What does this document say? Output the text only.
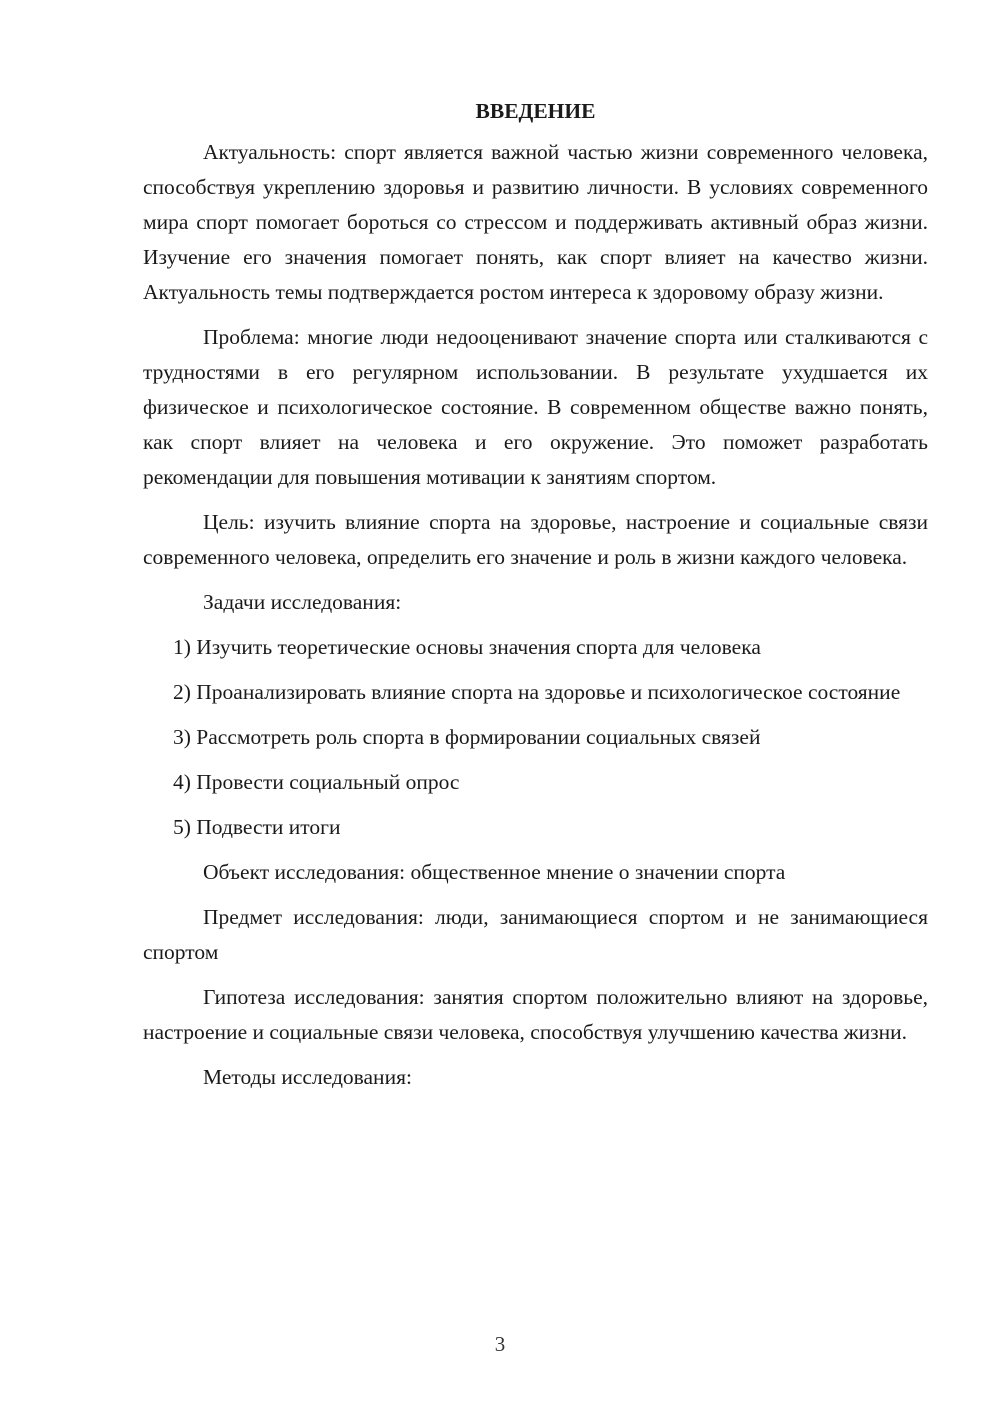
ВВЕДЕНИЕ

Актуальность: спорт является важной частью жизни современного человека, способствуя укреплению здоровья и развитию личности. В условиях современного мира спорт помогает бороться со стрессом и поддерживать активный образ жизни. Изучение его значения помогает понять, как спорт влияет на качество жизни. Актуальность темы подтверждается ростом интереса к здоровому образу жизни.

Проблема: многие люди недооценивают значение спорта или сталкиваются с трудностями в его регулярном использовании. В результате ухудшается их физическое и психологическое состояние. В современном обществе важно понять, как спорт влияет на человека и его окружение. Это поможет разработать рекомендации для повышения мотивации к занятиям спортом.

Цель: изучить влияние спорта на здоровье, настроение и социальные связи современного человека, определить его значение и роль в жизни каждого человека.

Задачи исследования:

1) Изучить теоретические основы значения спорта для человека

2) Проанализировать влияние спорта на здоровье и психологическое состояние

3) Рассмотреть роль спорта в формировании социальных связей

4) Провести социальный опрос

5) Подвести итоги

Объект исследования: общественное мнение о значении спорта

Предмет исследования: люди, занимающиеся спортом и не занимающиеся спортом

Гипотеза исследования: занятия спортом положительно влияют на здоровье, настроение и социальные связи человека, способствуя улучшению качества жизни.

Методы исследования:

3
